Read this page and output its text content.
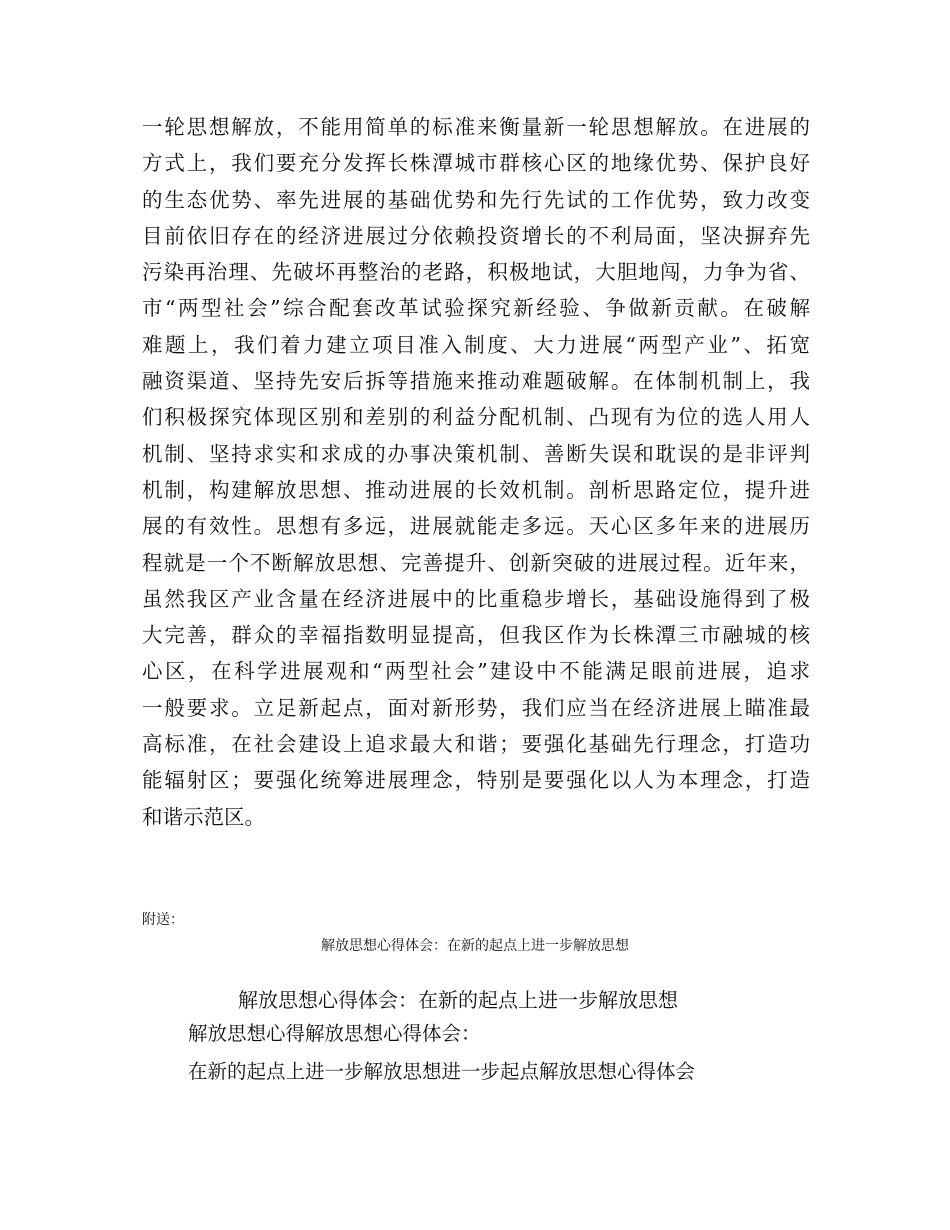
一轮思想解放，不能用简单的标准来衡量新一轮思想解放。在进展的
方式上，我们要充分发挥长株潭城市群核心区的地缘优势、保护良好
的生态优势、率先进展的基础优势和先行先试的工作优势，致力改变
目前依旧存在的经济进展过分依赖投资增长的不利局面，坚决摒弃先
污染再治理、先破坏再整治的老路，积极地试，大胆地闯，力争为省、
市“两型社会”综合配套改革试验探究新经验、争做新贡献。在破解
难题上，我们着力建立项目准入制度、大力进展“两型产业”、拓宽
融资渠道、坚持先安后拆等措施来推动难题破解。在体制机制上，我
们积极探究体现区别和差别的利益分配机制、凸现有为位的选人用人
机制、坚持求实和求成的办事决策机制、善断失误和耽误的是非评判
机制，构建解放思想、推动进展的长效机制。剖析思路定位，提升进
展的有效性。思想有多远，进展就能走多远。天心区多年来的进展历
程就是一个不断解放思想、完善提升、创新突破的进展过程。近年来，
虽然我区产业含量在经济进展中的比重稳步增长，基础设施得到了极
大完善，群众的幸福指数明显提高，但我区作为长株潭三市融城的核
心区，在科学进展观和“两型社会”建设中不能满足眼前进展，追求
一般要求。立足新起点，面对新形势，我们应当在经济进展上瞄准最
高标准，在社会建设上追求最大和谐；要强化基础先行理念，打造功
能辐射区；要强化统筹进展理念，特别是要强化以人为本理念，打造
和谐示范区。
附送：
解放思想心得体会：在新的起点上进一步解放思想
解放思想心得体会：在新的起点上进一步解放思想
解放思想心得解放思想心得体会：
在新的起点上进一步解放思想进一步起点解放思想心得体会
